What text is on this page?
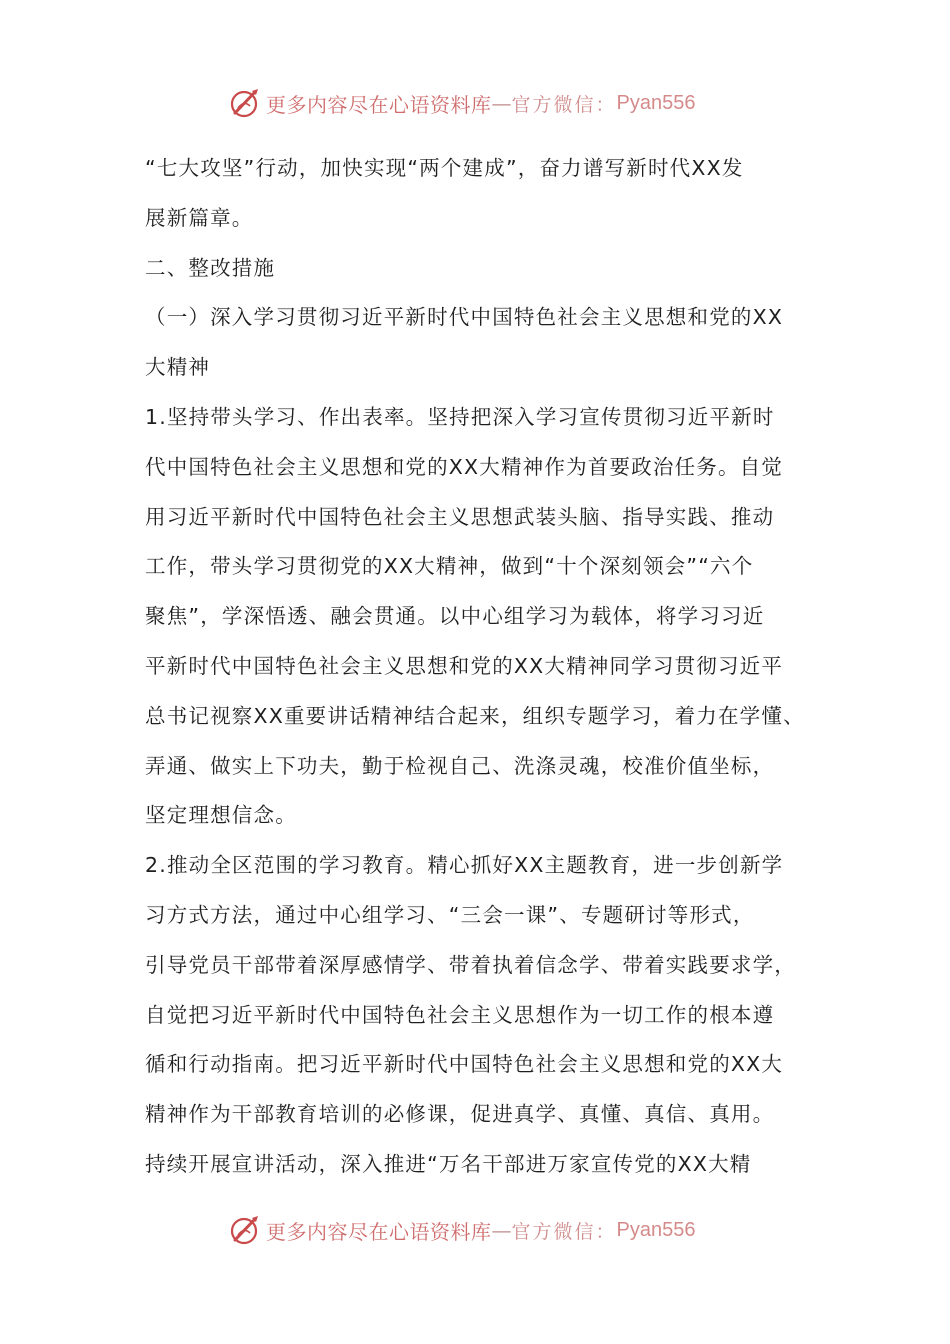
更多内容尽在心语资料库 — 官方微信： Pyan556
“七大攻坚”行动，加快实现“两个建成”，奋力谱写新时代XX发
展新篇章。
二、整改措施
（一）深入学习贯彻习近平新时代中国特色社会主义思想和党的XX
大精神
1.坚持带头学习、作出表率。坚持把深入学习宣传贯彻习近平新时
代中国特色社会主义思想和党的XX大精神作为首要政治任务。自觉
用习近平新时代中国特色社会主义思想武装头脑、指导实践、推动
工作，带头学习贯彻党的XX大精神，做到“十个深刻领会”“六个
聚焦”，学深悟透、融会贯通。以中心组学习为载体，将学习习近
平新时代中国特色社会主义思想和党的XX大精神同学习贯彻习近平
总书记视察XX重要讲话精神结合起来，组织专题学习，着力在学懂、
弄通、做实上下功夫，勤于检视自己、洗涤灵魂，校准价值坐标，
坚定理想信念。
2.推动全区范围的学习教育。精心抓好XX主题教育，进一步创新学
习方式方法，通过中心组学习、“三会一课”、专题研讨等形式，
引导党员干部带着深厚感情学、带着执着信念学、带着实践要求学，
自觉把习近平新时代中国特色社会主义思想作为一切工作的根本遵
循和行动指南。把习近平新时代中国特色社会主义思想和党的XX大
精神作为干部教育培训的必修课，促进真学、真懂、真信、真用。
持续开展宣讲活动，深入推进“万名干部进万家宣传党的XX大精
更多内容尽在心语资料库 — 官方微信： Pyan556
